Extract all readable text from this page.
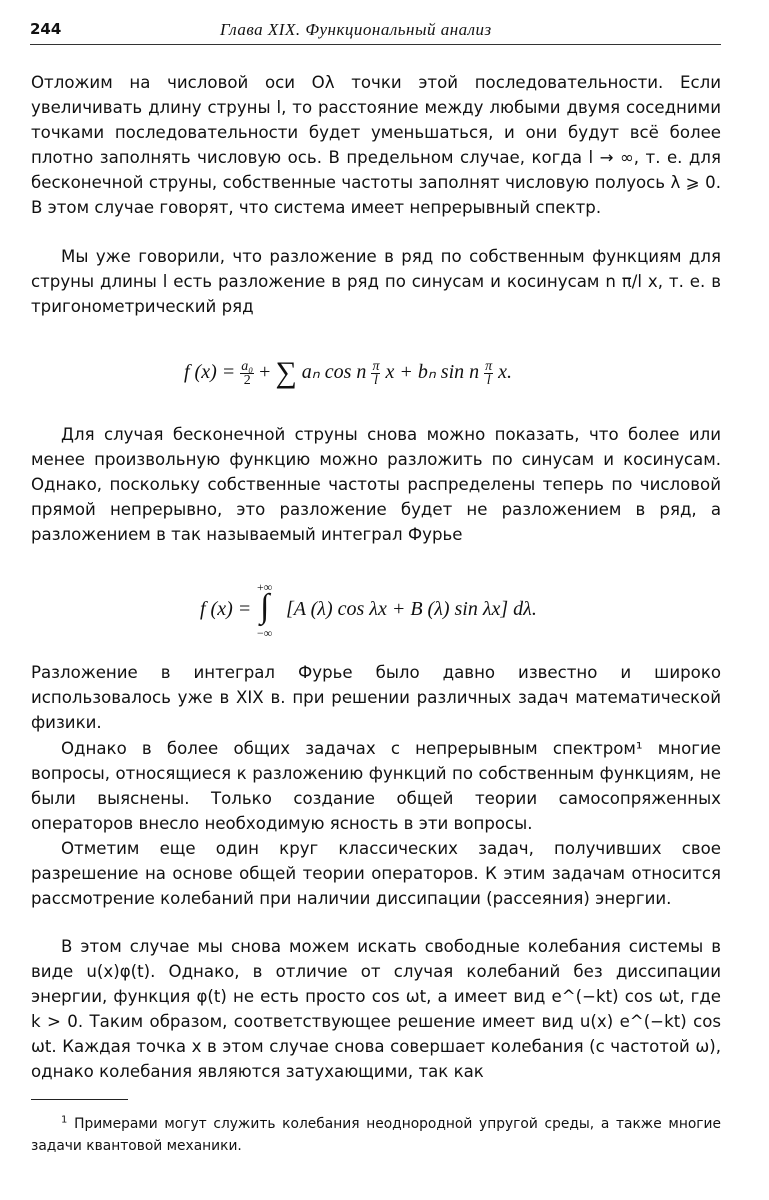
244	Глава XIX. Функциональный анализ

Отложим на числовой оси Oλ точки этой последовательности. Если увеличивать длину струны l, то расстояние между любыми двумя соседними точками последовательности будет уменьшаться, и они будут всё более плотно заполнять числовую ось. В предельном случае, когда l → ∞, т. е. для бесконечной струны, собственные частоты заполнят числовую полуось λ ⩾ 0. В этом случае говорят, что система имеет непрерывный спектр.

Мы уже говорили, что разложение в ряд по собственным функциям для струны длины l есть разложение в ряд по синусам и косинусам n π/l x, т. е. в тригонометрический ряд

f $(x) = \frac{\text{a₀}}{2}$ + ∑ aₙ cos n $\frac{\pi}{l}$ x + bₙ sin n $\frac{\pi}{l} x$.

Для случая бесконечной струны снова можно показать, что более или менее произвольную функцию можно разложить по синусам и косинусам. Однако, поскольку собственные частоты распределены теперь по числовой прямой непрерывно, это разложение будет не разложением в ряд, а разложением в так называемый интеграл Фурье

f (x) =
+∞
∫
−∞
[A (λ) cos λx + B (λ) sin λx] dλ.

Разложение в интеграл Фурье было давно известно и широко использовалось уже в XIX в. при решении различных задач математической физики.

Однако в более общих задачах с непрерывным спектром¹ многие вопросы, относящиеся к разложению функций по собственным функциям, не были выяснены. Только создание общей теории самосопряженных операторов внесло необходимую ясность в эти вопросы.

Отметим еще один круг классических задач, получивших свое разрешение на основе общей теории операторов. К этим задачам относится рассмотрение колебаний при наличии диссипации (рассеяния) энергии.

В этом случае мы снова можем искать свободные колебания системы в виде u(x)φ(t). Однако, в отличие от случая колебаний без диссипации энергии, функция φ(t) не есть просто cos ωt, а имеет вид e^(−kt) cos ωt, где k > 0. Таким образом, соответствующее решение имеет вид u(x) e^(−kt) cos ωt. Каждая точка x в этом случае снова совершает колебания (с частотой ω), однако колебания являются затухающими, так как

$^1$ Примерами могут служить колебания неоднородной упругой среды, а также многие задачи квантовой механики.
